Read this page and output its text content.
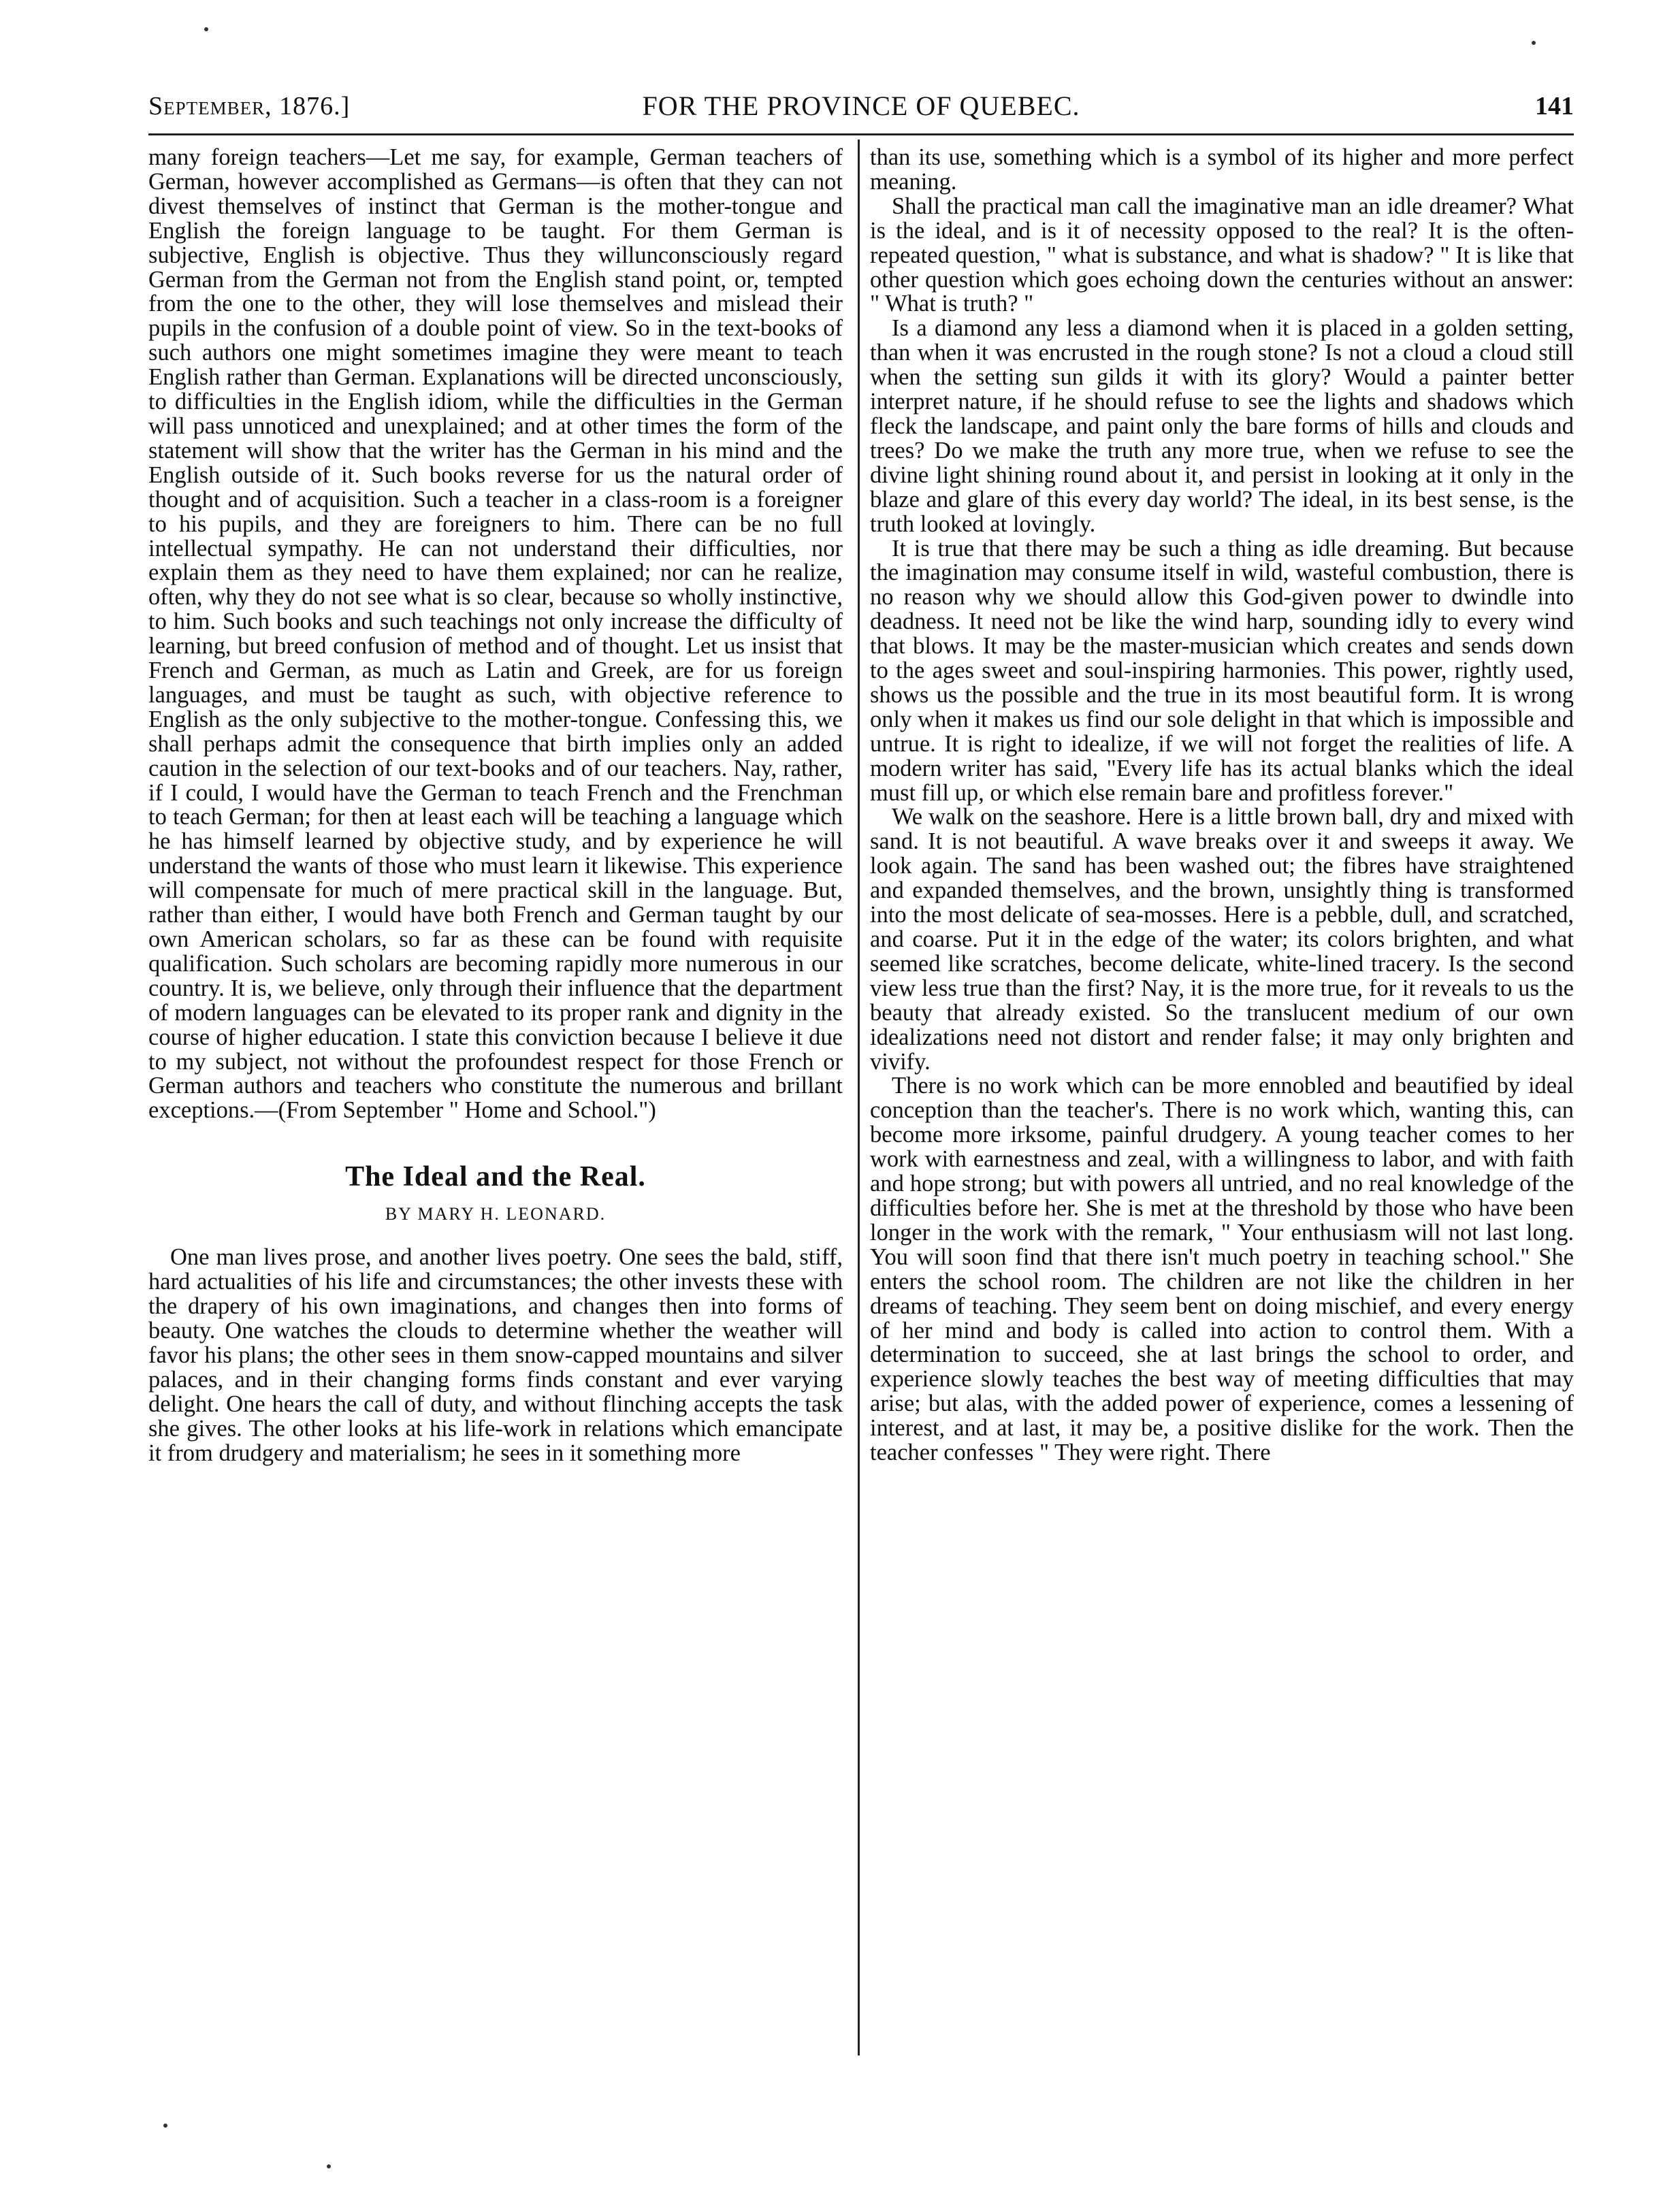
September, 1876.]	FOR THE PROVINCE OF QUEBEC.	141

many foreign teachers—Let me say, for example, German teachers of German, however accomplished as Germans—is often that they can not divest themselves of instinct that German is the mother-tongue and English the foreign language to be taught. For them German is subjective, English is objective. Thus they willunconsciously regard German from the German not from the English stand point, or, tempted from the one to the other, they will lose themselves and mislead their pupils in the confusion of a double point of view. So in the text-books of such authors one might sometimes imagine they were meant to teach English rather than German. Explanations will be directed unconsciously, to difficulties in the English idiom, while the difficulties in the German will pass unnoticed and unexplained; and at other times the form of the statement will show that the writer has the German in his mind and the English outside of it. Such books reverse for us the natural order of thought and of acquisition. Such a teacher in a class-room is a foreigner to his pupils, and they are foreigners to him. There can be no full intellectual sympathy. He can not understand their difficulties, nor explain them as they need to have them explained; nor can he realize, often, why they do not see what is so clear, because so wholly instinctive, to him. Such books and such teachings not only increase the difficulty of learning, but breed confusion of method and of thought. Let us insist that French and German, as much as Latin and Greek, are for us foreign languages, and must be taught as such, with objective reference to English as the only subjective to the mother-tongue. Confessing this, we shall perhaps admit the consequence that birth implies only an added caution in the selection of our text-books and of our teachers. Nay, rather, if I could, I would have the German to teach French and the Frenchman to teach German; for then at least each will be teaching a language which he has himself learned by objective study, and by experience he will understand the wants of those who must learn it likewise. This experience will compensate for much of mere practical skill in the language. But, rather than either, I would have both French and German taught by our own American scholars, so far as these can be found with requisite qualification. Such scholars are becoming rapidly more numerous in our country. It is, we believe, only through their influence that the department of modern languages can be elevated to its proper rank and dignity in the course of higher education. I state this conviction because I believe it due to my subject, not without the profoundest respect for those French or German authors and teachers who constitute the numerous and brillant exceptions.—(From September " Home and School.")

The Ideal and the Real.
BY MARY H. LEONARD.

One man lives prose, and another lives poetry. One sees the bald, stiff, hard actualities of his life and circumstances; the other invests these with the drapery of his own imaginations, and changes then into forms of beauty. One watches the clouds to determine whether the weather will favor his plans; the other sees in them snow-capped mountains and silver palaces, and in their changing forms finds constant and ever varying delight. One hears the call of duty, and without flinching accepts the task she gives. The other looks at his life-work in relations which emancipate it from drudgery and materialism; he sees in it something more

than its use, something which is a symbol of its higher and more perfect meaning.

Shall the practical man call the imaginative man an idle dreamer? What is the ideal, and is it of necessity opposed to the real? It is the often-repeated question, " what is substance, and what is shadow? " It is like that other question which goes echoing down the centuries without an answer: " What is truth? "

Is a diamond any less a diamond when it is placed in a golden setting, than when it was encrusted in the rough stone? Is not a cloud a cloud still when the setting sun gilds it with its glory? Would a painter better interpret nature, if he should refuse to see the lights and shadows which fleck the landscape, and paint only the bare forms of hills and clouds and trees? Do we make the truth any more true, when we refuse to see the divine light shining round about it, and persist in looking at it only in the blaze and glare of this every day world? The ideal, in its best sense, is the truth looked at lovingly.

It is true that there may be such a thing as idle dreaming. But because the imagination may consume itself in wild, wasteful combustion, there is no reason why we should allow this God-given power to dwindle into deadness. It need not be like the wind harp, sounding idly to every wind that blows. It may be the master-musician which creates and sends down to the ages sweet and soul-inspiring harmonies. This power, rightly used, shows us the possible and the true in its most beautiful form. It is wrong only when it makes us find our sole delight in that which is impossible and untrue. It is right to idealize, if we will not forget the realities of life. A modern writer has said, "Every life has its actual blanks which the ideal must fill up, or which else remain bare and profitless forever."

We walk on the seashore. Here is a little brown ball, dry and mixed with sand. It is not beautiful. A wave breaks over it and sweeps it away. We look again. The sand has been washed out; the fibres have straightened and expanded themselves, and the brown, unsightly thing is transformed into the most delicate of sea-mosses. Here is a pebble, dull, and scratched, and coarse. Put it in the edge of the water; its colors brighten, and what seemed like scratches, become delicate, white-lined tracery. Is the second view less true than the first? Nay, it is the more true, for it reveals to us the beauty that already existed. So the translucent medium of our own idealizations need not distort and render false; it may only brighten and vivify.

There is no work which can be more ennobled and beautified by ideal conception than the teacher's. There is no work which, wanting this, can become more irksome, painful drudgery. A young teacher comes to her work with earnestness and zeal, with a willingness to labor, and with faith and hope strong; but with powers all untried, and no real knowledge of the difficulties before her. She is met at the threshold by those who have been longer in the work with the remark, " Your enthusiasm will not last long. You will soon find that there isn't much poetry in teaching school." She enters the school room. The children are not like the children in her dreams of teaching. They seem bent on doing mischief, and every energy of her mind and body is called into action to control them. With a determination to succeed, she at last brings the school to order, and experience slowly teaches the best way of meeting difficulties that may arise; but alas, with the added power of experience, comes a lessening of interest, and at last, it may be, a positive dislike for the work. Then the teacher confesses " They were right. There
